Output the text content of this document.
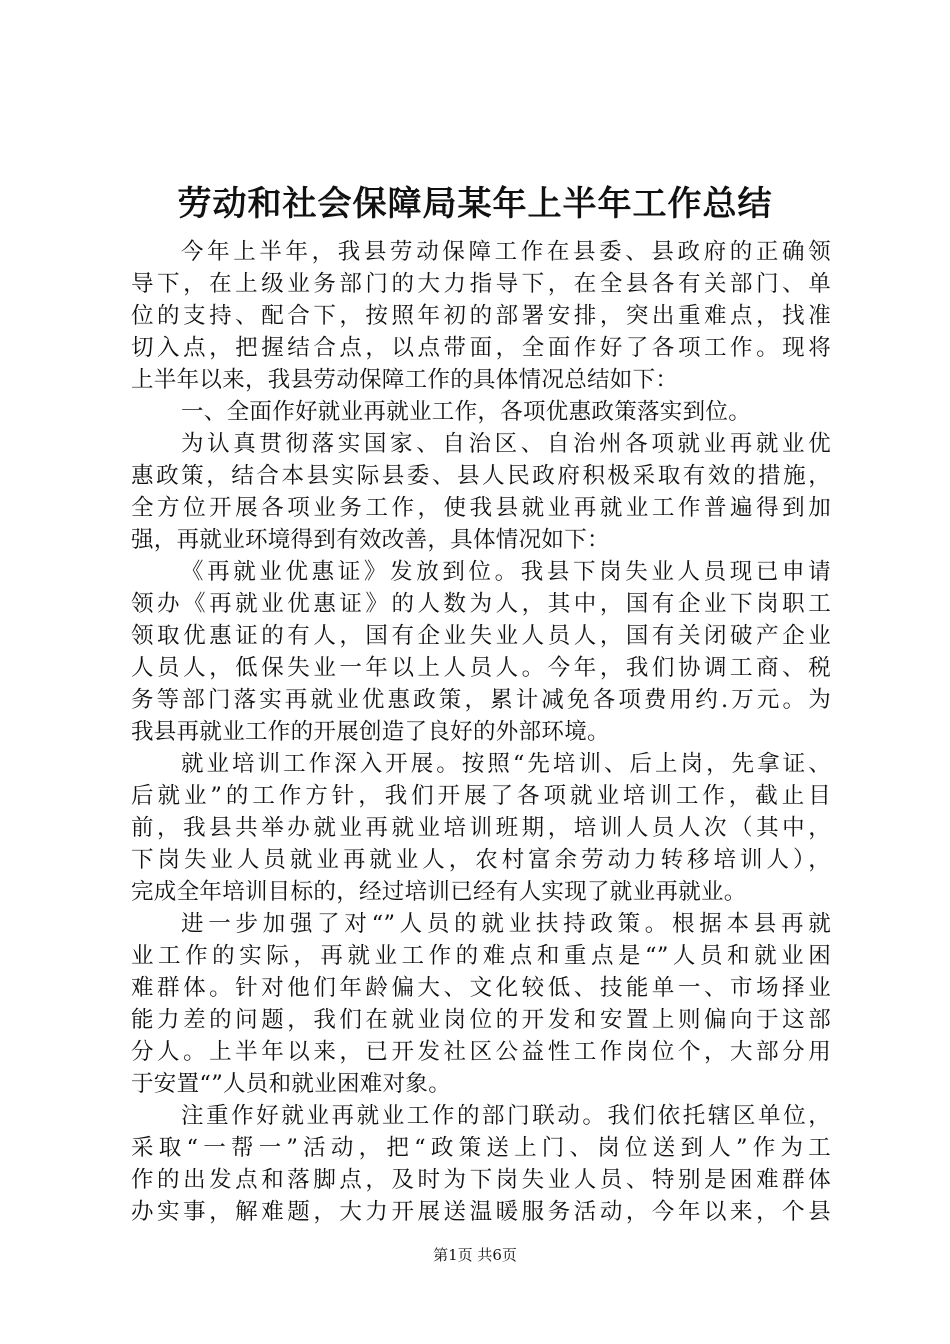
劳动和社会保障局某年上半年工作总结
今年上半年，我县劳动保障工作在县委、县政府的正确领
导下，在上级业务部门的大力指导下，在全县各有关部门、单
位的支持、配合下，按照年初的部署安排，突出重难点，找准
切入点，把握结合点，以点带面，全面作好了各项工作。现将
上半年以来，我县劳动保障工作的具体情况总结如下：
一、全面作好就业再就业工作，各项优惠政策落实到位。
为认真贯彻落实国家、自治区、自治州各项就业再就业优
惠政策，结合本县实际县委、县人民政府积极采取有效的措施，
全方位开展各项业务工作，使我县就业再就业工作普遍得到加
强，再就业环境得到有效改善，具体情况如下：
《再就业优惠证》发放到位。我县下岗失业人员现已申请
领办《再就业优惠证》的人数为人，其中，国有企业下岗职工
领取优惠证的有人，国有企业失业人员人，国有关闭破产企业
人员人，低保失业一年以上人员人。今年，我们协调工商、税
务等部门落实再就业优惠政策，累计减免各项费用约.万元。为
我县再就业工作的开展创造了良好的外部环境。
就业培训工作深入开展。按照“先培训、后上岗，先拿证、
后就业”的工作方针，我们开展了各项就业培训工作，截止目
前，我县共举办就业再就业培训班期，培训人员人次（其中，
下岗失业人员就业再就业人，农村富余劳动力转移培训人），
完成全年培训目标的，经过培训已经有人实现了就业再就业。
进一步加强了对“”人员的就业扶持政策。根据本县再就
业工作的实际，再就业工作的难点和重点是“”人员和就业困
难群体。针对他们年龄偏大、文化较低、技能单一、市场择业
能力差的问题，我们在就业岗位的开发和安置上则偏向于这部
分人。上半年以来，已开发社区公益性工作岗位个，大部分用
于安置“”人员和就业困难对象。
注重作好就业再就业工作的部门联动。我们依托辖区单位，
采取“一帮一”活动，把“政策送上门、岗位送到人”作为工
作的出发点和落脚点，及时为下岗失业人员、特别是困难群体
办实事，解难题，大力开展送温暖服务活动，今年以来，个县
第1页 共6页
